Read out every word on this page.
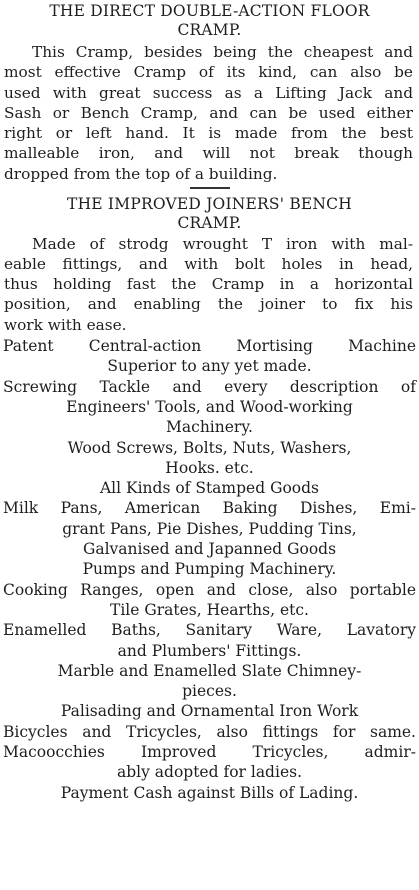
THE DIRECT DOUBLE-ACTION FLOOR
CRAMP.
This Cramp, besides being the cheapest and
most effective Cramp of its kind, can also be
used with great success as a Lifting Jack and
Sash or Bench Cramp, and can be used either
right or left hand. It is made from the best
malleable iron, and will not break though
dropped from the top of a building.
THE IMPROVED JOINERS' BENCH
CRAMP.
Made of strodg wrought T iron with mal-
eable fittings, and with bolt holes in head,
thus holding fast the Cramp in a horizontal
position, and enabling the joiner to fix his
work with ease.
Patent Central-action Mortising Machine
Superior to any yet made.
Screwing Tackle and every description of
Engineers' Tools, and Wood-working
Machinery.
Wood Screws, Bolts, Nuts, Washers,
Hooks. etc.
All Kinds of Stamped Goods
Milk Pans, American Baking Dishes, Emi-
grant Pans, Pie Dishes, Pudding Tins,
Galvanised and Japanned Goods
Pumps and Pumping Machinery.
Cooking Ranges, open and close, also portable
Tile Grates, Hearths, etc.
Enamelled Baths, Sanitary Ware, Lavatory
and Plumbers' Fittings.
Marble and Enamelled Slate Chimney-
pieces.
Palisading and Ornamental Iron Work
Bicycles and Tricycles, also fittings for same.
Macoocchies Improved Tricycles, admir-
ably adopted for ladies.
Payment Cash against Bills of Lading.
